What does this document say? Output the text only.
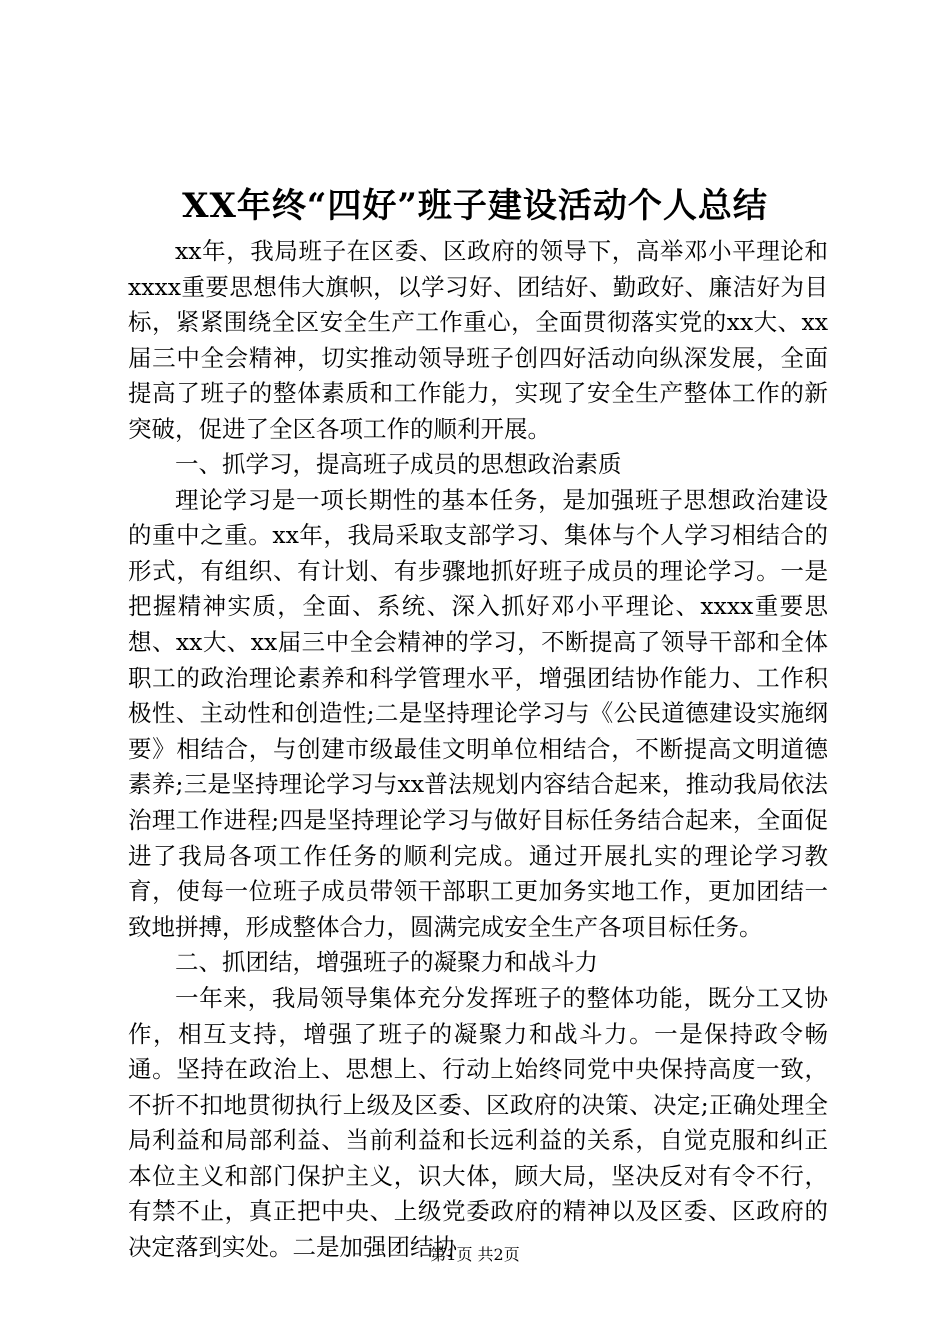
XX年终“四好”班子建设活动个人总结

xx年，我局班子在区委、区政府的领导下，高举邓小平理论和xxxx重要思想伟大旗帜，以学习好、团结好、勤政好、廉洁好为目标，紧紧围绕全区安全生产工作重心，全面贯彻落实党的xx大、xx届三中全会精神，切实推动领导班子创四好活动向纵深发展，全面提高了班子的整体素质和工作能力，实现了安全生产整体工作的新突破，促进了全区各项工作的顺利开展。

一、抓学习，提高班子成员的思想政治素质

理论学习是一项长期性的基本任务，是加强班子思想政治建设的重中之重。xx年，我局采取支部学习、集体与个人学习相结合的形式，有组织、有计划、有步骤地抓好班子成员的理论学习。一是把握精神实质，全面、系统、深入抓好邓小平理论、xxxx重要思想、xx大、xx届三中全会精神的学习，不断提高了领导干部和全体职工的政治理论素养和科学管理水平，增强团结协作能力、工作积极性、主动性和创造性;二是坚持理论学习与《公民道德建设实施纲要》相结合，与创建市级最佳文明单位相结合，不断提高文明道德素养;三是坚持理论学习与xx普法规划内容结合起来，推动我局依法治理工作进程;四是坚持理论学习与做好目标任务结合起来，全面促进了我局各项工作任务的顺利完成。通过开展扎实的理论学习教育，使每一位班子成员带领干部职工更加务实地工作，更加团结一致地拼搏，形成整体合力，圆满完成安全生产各项目标任务。

二、抓团结，增强班子的凝聚力和战斗力

一年来，我局领导集体充分发挥班子的整体功能，既分工又协作，相互支持，增强了班子的凝聚力和战斗力。一是保持政令畅通。坚持在政治上、思想上、行动上始终同党中央保持高度一致，不折不扣地贯彻执行上级及区委、区政府的决策、决定;正确处理全局利益和局部利益、当前利益和长远利益的关系，自觉克服和纠正本位主义和部门保护主义，识大体，顾大局，坚决反对有令不行，有禁不止，真正把中央、上级党委政府的精神以及区委、区政府的决定落到实处。二是加强团结协

第1页 共2页
